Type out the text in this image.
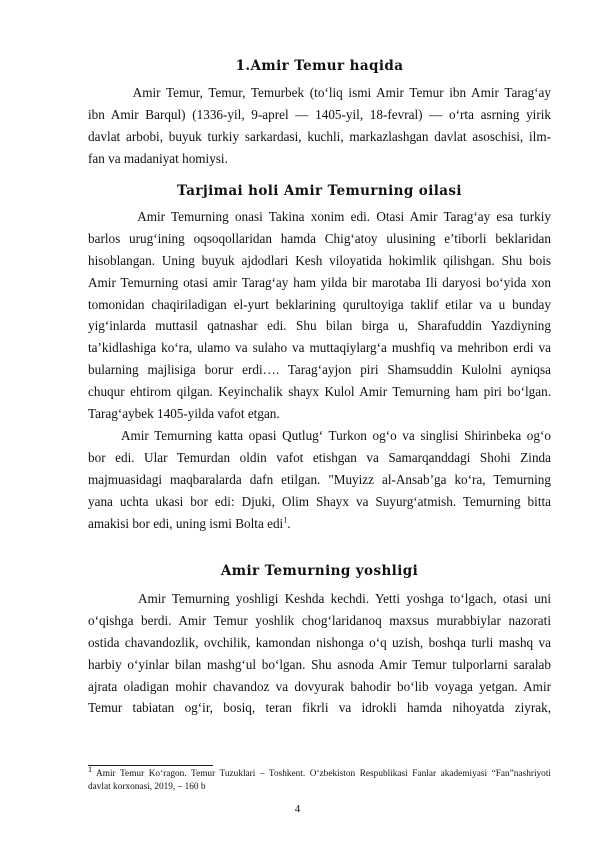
1.Amir Temur haqida
Amir Temur, Temur, Temurbek (to‘liq ismi Amir Temur ibn Amir Tarag‘ay
ibn Amir Barqul) (1336-yil, 9-aprel — 1405-yil, 18-fevral) — o‘rta asrning yirik
davlat arbobi, buyuk turkiy sarkardasi, kuchli, markazlashgan davlat asoschisi, ilm-
fan va madaniyat homiysi.
Tarjimai holi Amir Temurning oilasi
Amir Temurning onasi Takina xonim edi. Otasi Amir Tarag‘ay esa turkiy
barlos urug‘ining oqsoqollaridan hamda Chig‘atoy ulusining e’tiborli beklaridan
hisoblangan. Uning buyuk ajdodlari Kesh viloyatida hokimlik qilishgan. Shu bois
Amir Temurning otasi amir Tarag‘ay ham yilda bir marotaba Ili daryosi bo‘yida xon
tomonidan chaqiriladigan el-yurt beklarining qurultoyiga taklif etilar va u bunday
yig‘inlarda muttasil qatnashar edi. Shu bilan birga u, Sharafuddin Yazdiyning
ta’kidlashiga ko‘ra, ulamo va sulaho va muttaqiylarg‘a mushfiq va mehribon erdi va
bularning majlisiga borur erdi…. Tarag‘ayjon piri Shamsuddin Kulolni ayniqsa
chuqur ehtirom qilgan. Keyinchalik shayx Kulol Amir Temurning ham piri bo‘lgan.
Tarag‘aybek 1405-yilda vafot etgan.
Amir Temurning katta opasi Qutlug‘ Turkon og‘o va singlisi Shirinbeka og‘o
bor edi. Ular Temurdan oldin vafot etishgan va Samarqanddagi Shohi Zinda
majmuasidagi maqbaralarda dafn etilgan. "Muyizz al-Ansab’ga ko‘ra, Temurning
yana uchta ukasi bor edi: Djuki, Olim Shayx va Suyurg‘atmish. Temurning bitta
amakisi bor edi, uning ismi Bolta edi$^1$.
Amir Temurning yoshligi
Amir Temurning yoshligi Keshda kechdi. Yetti yoshga to‘lgach, otasi uni
o‘qishga berdi. Amir Temur yoshlik chog‘laridanoq maxsus murabbiylar nazorati
ostida chavandozlik, ovchilik, kamondan nishonga o‘q uzish, boshqa turli mashq va
harbiy o‘yinlar bilan mashg‘ul bo‘lgan. Shu asnoda Amir Temur tulporlarni saralab
ajrata oladigan mohir chavandoz va dovyurak bahodir bo‘lib voyaga yetgan. Amir
Temur tabiatan og‘ir, bosiq, teran fikrli va idrokli hamda nihoyatda ziyrak,
$^1$ Amir Temur Ko‘ragon. Temur Tuzuklari – Toshkent. O‘zbekiston Respublikasi Fanlar akademiyasi “Fan”nashriyoti
davlat korxonasi, 2019, – 160 b
4
